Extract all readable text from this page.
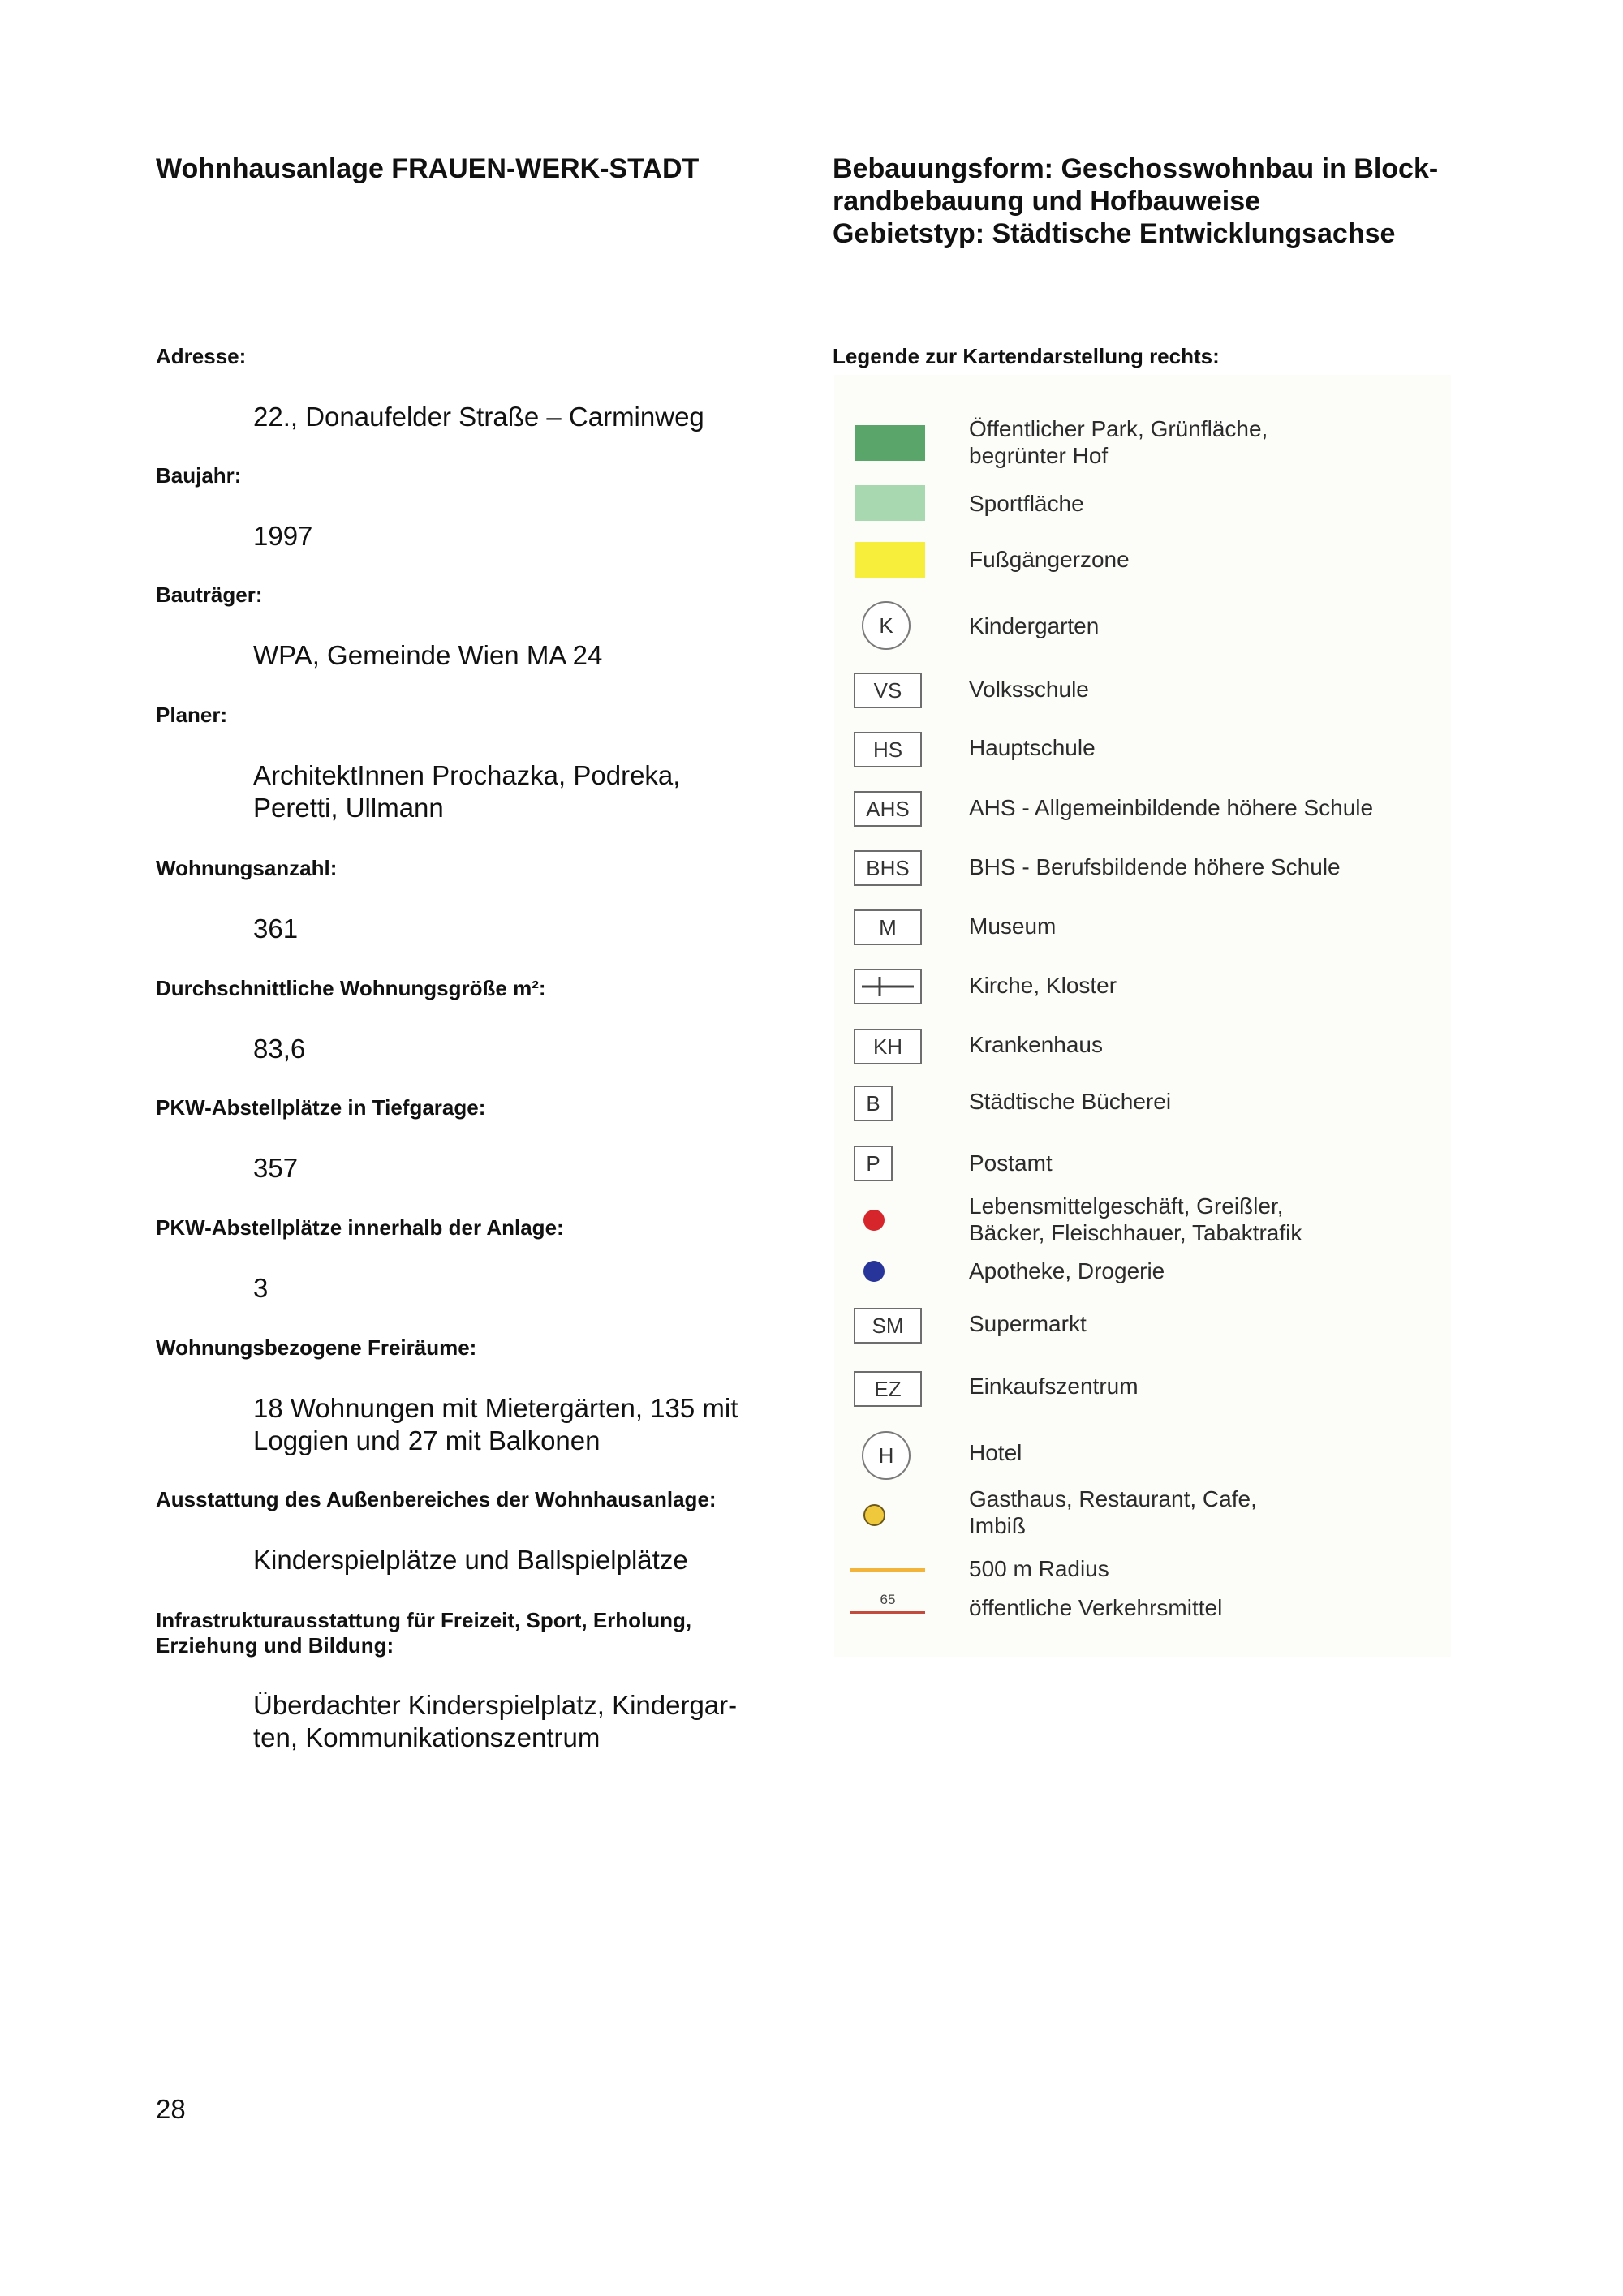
Wohnhausanlage FRAUEN-WERK-STADT	Bebauungsform: Geschosswohnbau in Block-
randbebauung und Hofbauweise
Gebietstyp: Städtische Entwicklungsachse
Adresse:
22., Donaufelder Straße – Carminweg
Baujahr:
1997
Bauträger:
WPA, Gemeinde Wien MA 24
Planer:
ArchitektInnen Prochazka, Podreka,
Peretti, Ullmann
Wohnungsanzahl:
361
Durchschnittliche Wohnungsgröße m²:
83,6
PKW-Abstellplätze in Tiefgarage:
357
PKW-Abstellplätze innerhalb der Anlage:
3
Wohnungsbezogene Freiräume:
18 Wohnungen mit Mietergärten, 135 mit
Loggien und 27 mit Balkonen
Ausstattung des Außenbereiches der Wohnhausanlage:
Kinderspielplätze und Ballspielplätze
Infrastrukturausstattung für Freizeit, Sport, Erholung,
Erziehung und Bildung:
Überdachter Kinderspielplatz, Kindergar-
ten, Kommunikationszentrum
Legende zur Kartendarstellung rechts:
Öffentlicher Park, Grünfläche,
begrünter Hof
Sportfläche
Fußgängerzone
K	Kindergarten
VS	Volksschule
HS	Hauptschule
AHS	AHS - Allgemeinbildende höhere Schule
BHS	BHS - Berufsbildende höhere Schule
M	Museum
Kirche, Kloster
KH	Krankenhaus
B	Städtische Bücherei
P	Postamt
Lebensmittelgeschäft, Greißler,
Bäcker, Fleischhauer, Tabaktrafik
Apotheke, Drogerie
SM	Supermarkt
EZ	Einkaufszentrum
H	Hotel
Gasthaus, Restaurant, Cafe,
Imbiß
500 m Radius
65	öffentliche Verkehrsmittel
28
